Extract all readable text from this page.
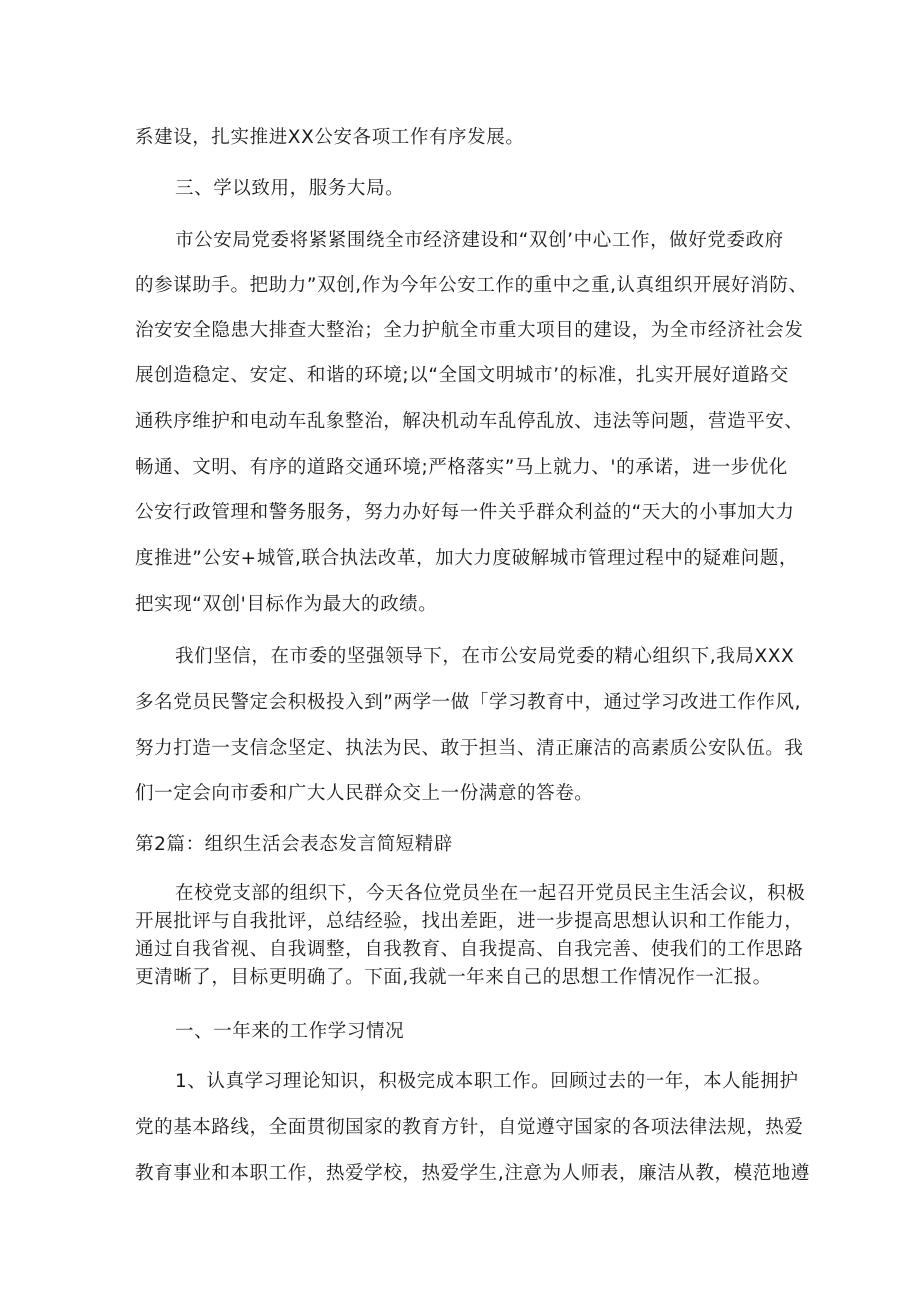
系建设，扎实推进XX公安各项工作有序发展。
三、学以致用，服务大局。
市公安局党委将紧紧围绕全市经济建设和“双创’中心工作，做好党委政府
的参谋助手。把助力”双创,作为今年公安工作的重中之重,认真组织开展好消防、
治安安全隐患大排查大整治；全力护航全市重大项目的建设，为全市经济社会发
展创造稳定、安定、和谐的环境;以“全国文明城市’的标准，扎实开展好道路交
通秩序维护和电动车乱象整治，解决机动车乱停乱放、违法等问题，营造平安、
畅通、文明、有序的道路交通环境;严格落实”马上就力、'的承诺，进一步优化
公安行政管理和警务服务，努力办好每一件关乎群众利益的“天大的小事加大力
度推进”公安+城管,联合执法改革，加大力度破解城市管理过程中的疑难问题，
把实现“双创'目标作为最大的政绩。
我们坚信，在市委的坚强领导下，在市公安局党委的精心组织下,我局XXX
多名党员民警定会积极投入到”两学一做「学习教育中，通过学习改进工作作风,
努力打造一支信念坚定、执法为民、敢于担当、清正廉洁的高素质公安队伍。我
们一定会向市委和广大人民群众交上一份满意的答卷。
第2篇：组织生活会表态发言简短精辟
在校党支部的组织下，今天各位党员坐在一起召开党员民主生活会议，积极
开展批评与自我批评，总结经验，找出差距，进一步提高思想认识和工作能力，
通过自我省视、自我调整，自我教育、自我提高、自我完善、使我们的工作思路
更清晰了，目标更明确了。下面,我就一年来自己的思想工作情况作一汇报。
一、一年来的工作学习情况
1、认真学习理论知识，积极完成本职工作。回顾过去的一年，本人能拥护
党的基本路线，全面贯彻国家的教育方针，自觉遵守国家的各项法律法规，热爱
教育事业和本职工作，热爱学校，热爱学生,注意为人师表，廉洁从教，模范地遵
